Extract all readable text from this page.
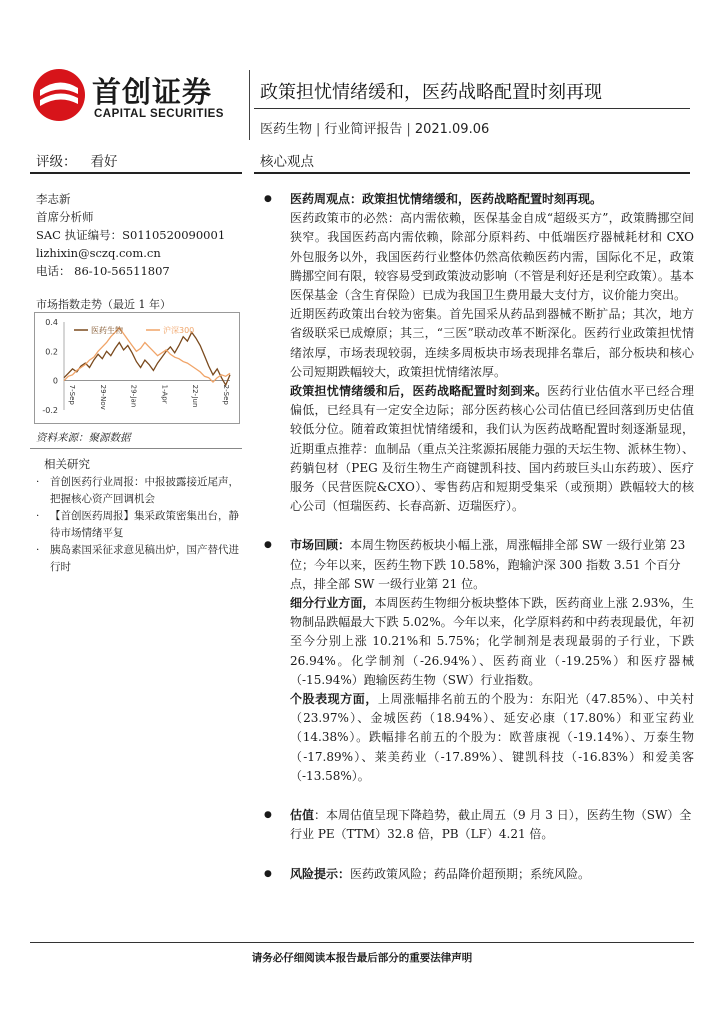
首创证券
CAPITAL SECURITIES
政策担忧情绪缓和，医药战略配置时刻再现
医药生物 | 行业简评报告 | 2021.09.06
评级： 看好	核心观点
李志新
首席分析师
SAC 执证编号：S0110520090001
lizhixin@sczq.com.cn
电话： 86-10-56511807
市场指数走势（最近 1 年）
0.4
0.2
0
-0.2
7-Sep	29-Nov	29-Jan	1-Apr	22-Jun	2-Sep
医药生物	沪深300
资料来源：聚源数据
相关研究
· 首创医药行业周报：中报披露接近尾声，把握核心资产回调机会
· 【首创医药周报】集采政策密集出台，静待市场情绪平复
· 胰岛素国采征求意见稿出炉，国产替代进行时
● 医药周观点：政策担忧情绪缓和，医药战略配置时刻再现。
医药政策市的必然：高内需依赖，医保基金自成“超级买方”，政策腾挪空间狭窄。我国医药高内需依赖，除部分原料药、中低端医疗器械耗材和 CXO 外包服务以外，我国医药行业整体仍然高依赖医药内需，国际化不足，政策腾挪空间有限，较容易受到政策波动影响（不管是利好还是利空政策）。基本医保基金（含生育保险）已成为我国卫生费用最大支付方，议价能力突出。
近期医药政策出台较为密集。首先国采从药品到器械不断扩品；其次，地方省级联采已成燎原；其三，“三医”联动改革不断深化。医药行业政策担忧情绪浓厚，市场表现较弱，连续多周板块市场表现排名靠后，部分板块和核心公司短期跌幅较大，政策担忧情绪浓厚。
政策担忧情绪缓和后，医药战略配置时刻到来。医药行业估值水平已经合理偏低，已经具有一定安全边际；部分医药核心公司估值已经回落到历史估值较低分位。随着政策担忧情绪缓和，我们认为医药战略配置时刻逐渐显现，近期重点推荐：血制品（重点关注浆源拓展能力强的天坛生物、派林生物）、药躺包材（PEG 及衍生物生产商键凯科技、国内药玻巨头山东药玻）、医疗服务（民营医院&CXO）、零售药店和短期受集采（或预期）跌幅较大的核心公司（恒瑞医药、长春高新、迈瑞医疗）。
● 市场回顾：本周生物医药板块小幅上涨，周涨幅排全部 SW 一级行业第 23 位；今年以来，医药生物下跌 10.58%，跑输沪深 300 指数 3.51 个百分点，排全部 SW 一级行业第 21 位。
细分行业方面，本周医药生物细分板块整体下跌，医药商业上涨 2.93%，生物制品跌幅最大下跌 5.02%。今年以来，化学原料药和中药表现最优，年初至今分别上涨 10.21%和 5.75%；化学制剂是表现最弱的子行业，下跌 26.94%。化学制剂（-26.94%）、医药商业（-19.25%）和医疗器械（-15.94%）跑输医药生物（SW）行业指数。
个股表现方面，上周涨幅排名前五的个股为：东阳光（47.85%）、中关村（23.97%）、金城医药（18.94%）、延安必康（17.80%）和亚宝药业（14.38%）。跌幅排名前五的个股为：欧普康视（-19.14%）、万泰生物（-17.89%）、莱美药业（-17.89%）、键凯科技（-16.83%）和爱美客（-13.58%）。
● 估值：本周估值呈现下降趋势，截止周五（9 月 3 日），医药生物（SW）全行业 PE（TTM）32.8 倍，PB（LF）4.21 倍。
● 风险提示：医药政策风险；药品降价超预期；系统风险。
请务必仔细阅读本报告最后部分的重要法律声明
